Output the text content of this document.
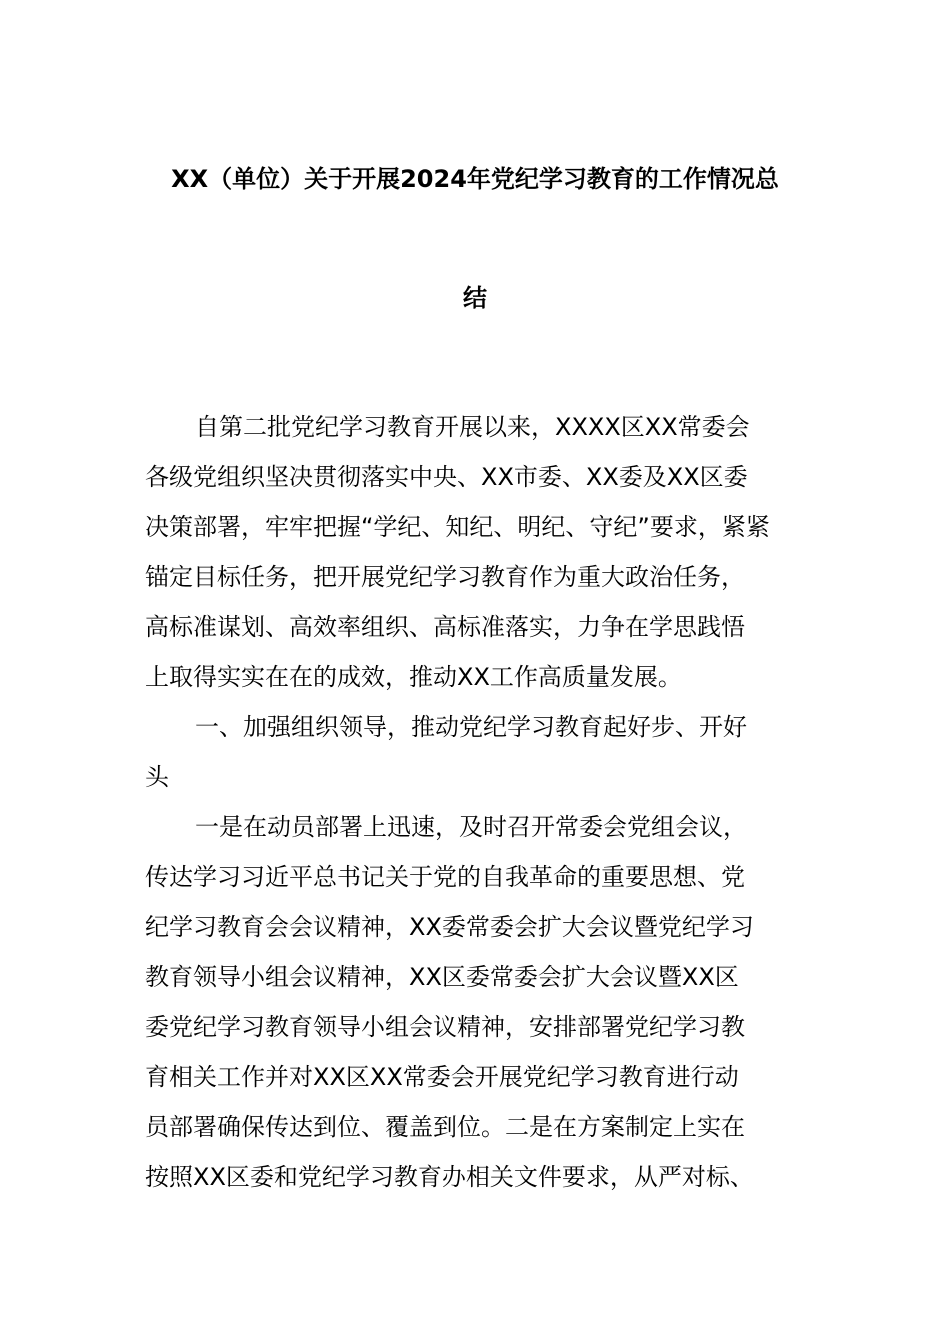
XX（单位）关于开展2024年党纪学习教育的工作情况总
结
自第二批党纪学习教育开展以来，XXXX区XX常委会
各级党组织坚决贯彻落实中央、XX市委、XX委及XX区委
决策部署，牢牢把握“学纪、知纪、明纪、守纪”要求，紧紧
锚定目标任务，把开展党纪学习教育作为重大政治任务，
高标准谋划、高效率组织、高标准落实，力争在学思践悟
上取得实实在在的成效，推动XX工作高质量发展。
一、加强组织领导，推动党纪学习教育起好步、开好
头
一是在动员部署上迅速，及时召开常委会党组会议，
传达学习习近平总书记关于党的自我革命的重要思想、党
纪学习教育会会议精神，XX委常委会扩大会议暨党纪学习
教育领导小组会议精神，XX区委常委会扩大会议暨XX区
委党纪学习教育领导小组会议精神，安排部署党纪学习教
育相关工作并对XX区XX常委会开展党纪学习教育进行动
员部署确保传达到位、覆盖到位。二是在方案制定上实在
按照XX区委和党纪学习教育办相关文件要求，从严对标、
